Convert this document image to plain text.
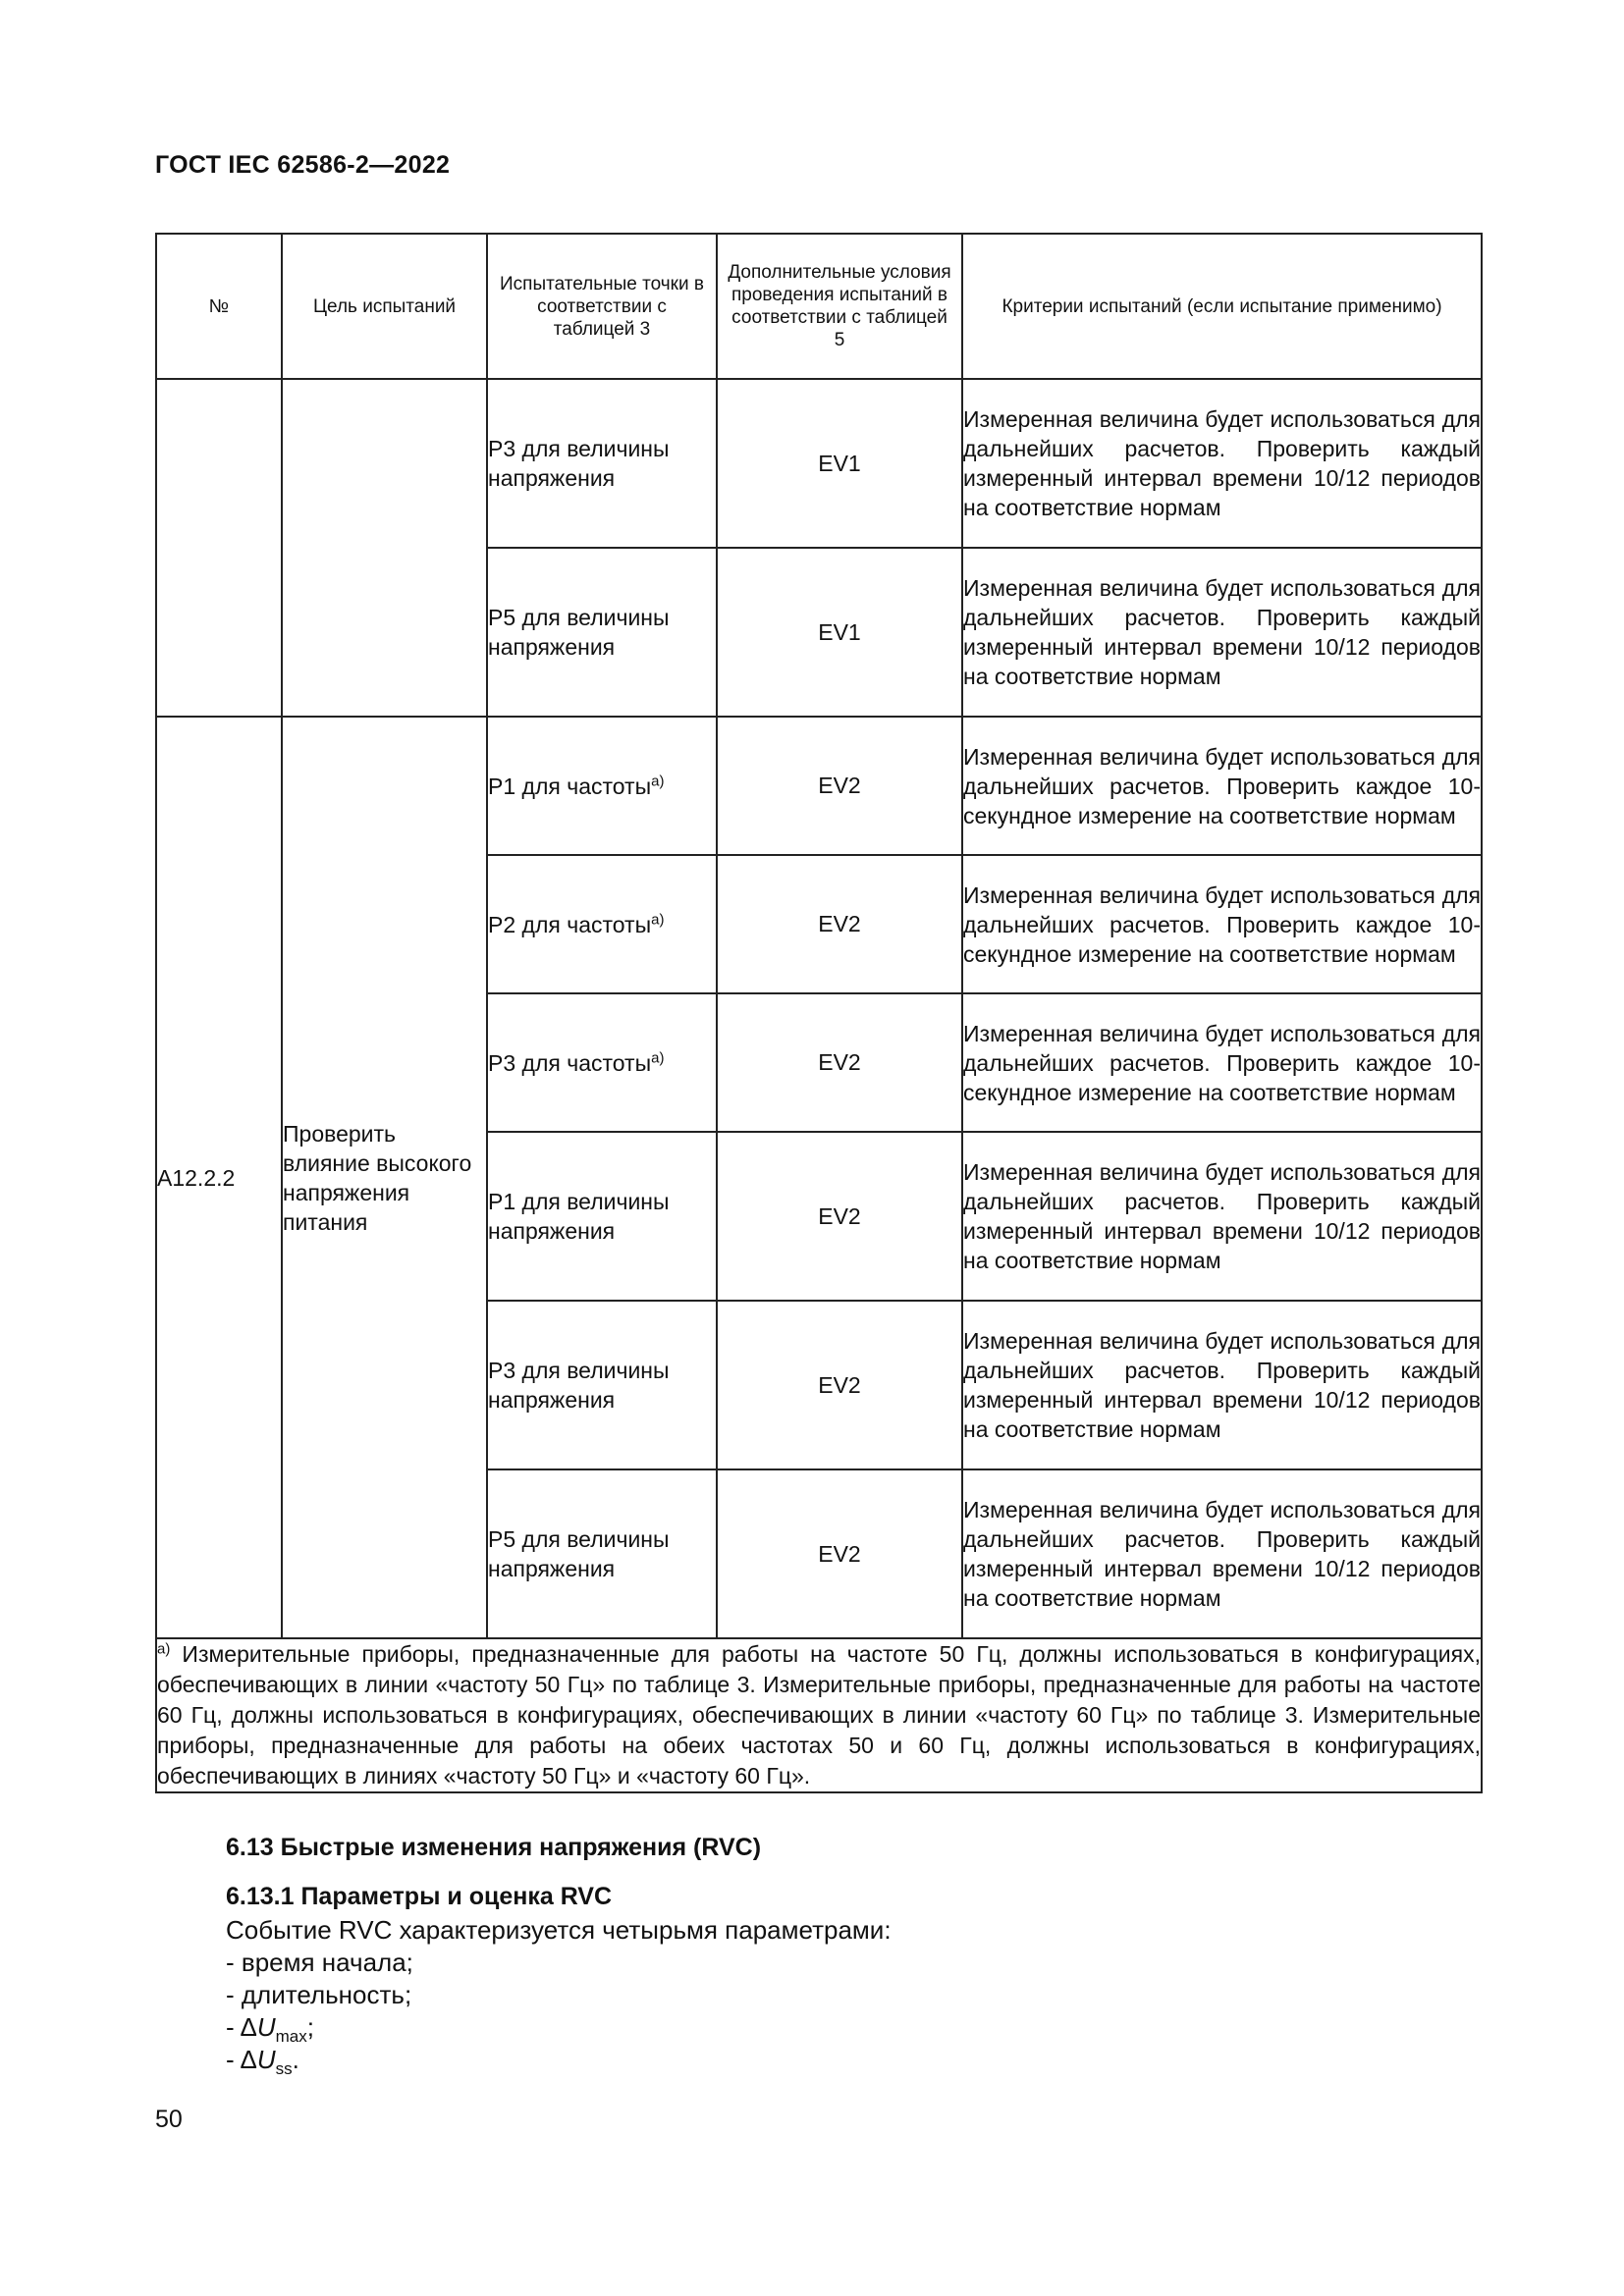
ГОСТ IEC 62586-2—2022
№	Цель испытаний	Испытательные точки в соответствии с таблицей 3	Дополнительные условия проведения испытаний в соответствии с таблицей 5	Критерии испытаний (если испытание применимо)
		P3 для величины напряжения	EV1	Измеренная величина будет использоваться для дальнейших расчетов. Проверить каждый измеренный интервал времени 10/12 периодов на соответствие нормам
		P5 для величины напряжения	EV1	Измеренная величина будет использоваться для дальнейших расчетов. Проверить каждый измеренный интервал времени 10/12 периодов на соответствие нормам
A12.2.2	Проверить влияние высокого напряжения питания	P1 для частоты$^{a)}$	EV2	Измеренная величина будет использоваться для дальнейших расчетов. Проверить каждое 10-секундное измерение на соответствие нормам
		P2 для частоты$^{a)}$	EV2	Измеренная величина будет использоваться для дальнейших расчетов. Проверить каждое 10-секундное измерение на соответствие нормам
		P3 для частоты$^{a)}$	EV2	Измеренная величина будет использоваться для дальнейших расчетов. Проверить каждое 10-секундное измерение на соответствие нормам
		P1 для величины напряжения	EV2	Измеренная величина будет использоваться для дальнейших расчетов. Проверить каждый измеренный интервал времени 10/12 периодов на соответствие нормам
		P3 для величины напряжения	EV2	Измеренная величина будет использоваться для дальнейших расчетов. Проверить каждый измеренный интервал времени 10/12 периодов на соответствие нормам
		P5 для величины напряжения	EV2	Измеренная величина будет использоваться для дальнейших расчетов. Проверить каждый измеренный интервал времени 10/12 периодов на соответствие нормам
$^{a)}$ Измерительные приборы, предназначенные для работы на частоте 50 Гц, должны использоваться в конфигурациях, обеспечивающих в линии «частоту 50 Гц» по таблице 3. Измерительные приборы, предназначенные для работы на частоте 60 Гц, должны использоваться в конфигурациях, обеспечивающих в линии «частоту 60 Гц» по таблице 3. Измерительные приборы, предназначенные для работы на обеих частотах 50 и 60 Гц, должны использоваться в конфигурациях, обеспечивающих в линиях «частоту 50 Гц» и «частоту 60 Гц».				
6.13 Быстрые изменения напряжения (RVC)
6.13.1 Параметры и оценка RVC
Событие RVC характеризуется четырьмя параметрами:
- время начала;
- длительность;
- $\Delta U_{max}$;
- $\Delta U_{ss}$.
50
